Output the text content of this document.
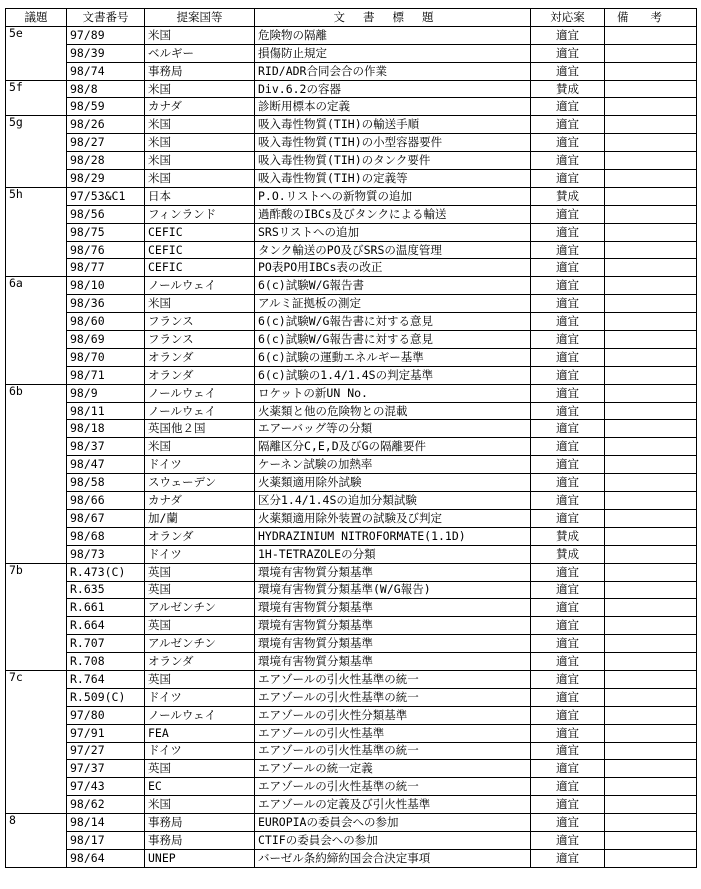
議題	文書番号	提案国等	文書標題	対応案	備考
5e	97/89	米国	危険物の隔離	適宜	
	98/39	ベルギー	損傷防止規定	適宜	
	98/74	事務局	RID/ADR合同会合の作業	適宜	
5f	98/8	米国	Div.6.2の容器	賛成	
	98/59	カナダ	診断用標本の定義	適宜	
5g	98/26	米国	吸入毒性物質(TIH)の輸送手順	適宜	
	98/27	米国	吸入毒性物質(TIH)の小型容器要件	適宜	
	98/28	米国	吸入毒性物質(TIH)のタンク要件	適宜	
	98/29	米国	吸入毒性物質(TIH)の定義等	適宜	
5h	97/53&C1	日本	P.O.リストへの新物質の追加	賛成	
	98/56	フィンランド	過酢酸のIBCs及びタンクによる輸送	適宜	
	98/75	CEFIC	SRSリストへの追加	適宜	
	98/76	CEFIC	タンク輸送のPO及びSRSの温度管理	適宜	
	98/77	CEFIC	PO表PO用IBCs表の改正	適宜	
6a	98/10	ノールウェイ	6(c)試験W/G報告書	適宜	
	98/36	米国	アルミ証拠板の測定	適宜	
	98/60	フランス	6(c)試験W/G報告書に対する意見	適宜	
	98/69	フランス	6(c)試験W/G報告書に対する意見	適宜	
	98/70	オランダ	6(c)試験の運動エネルギー基準	適宜	
	98/71	オランダ	6(c)試験の1.4/1.4Sの判定基準	適宜	
6b	98/9	ノールウェイ	ロケットの新UN No.	適宜	
	98/11	ノールウェイ	火薬類と他の危険物との混載	適宜	
	98/18	英国他２国	エアーバッグ等の分類	適宜	
	98/37	米国	隔離区分C,E,D及びGの隔離要件	適宜	
	98/47	ドイツ	ケーネン試験の加熱率	適宜	
	98/58	スウェーデン	火薬類適用除外試験	適宜	
	98/66	カナダ	区分1.4/1.4Sの追加分類試験	適宜	
	98/67	加/蘭	火薬類適用除外装置の試験及び判定	適宜	
	98/68	オランダ	HYDRAZINIUM NITROFORMATE(1.1D)	賛成	
	98/73	ドイツ	1H-TETRAZOLEの分類	賛成	
7b	R.473(C)	英国	環境有害物質分類基準	適宜	
	R.635	英国	環境有害物質分類基準(W/G報告)	適宜	
	R.661	アルゼンチン	環境有害物質分類基準	適宜	
	R.664	英国	環境有害物質分類基準	適宜	
	R.707	アルゼンチン	環境有害物質分類基準	適宜	
	R.708	オランダ	環境有害物質分類基準	適宜	
7c	R.764	英国	エアゾールの引火性基準の統一	適宜	
	R.509(C)	ドイツ	エアゾールの引火性基準の統一	適宜	
	97/80	ノールウェイ	エアゾールの引火性分類基準	適宜	
	97/91	FEA	エアゾールの引火性基準	適宜	
	97/27	ドイツ	エアゾールの引火性基準の統一	適宜	
	97/37	英国	エアゾールの統一定義	適宜	
	97/43	EC	エアゾールの引火性基準の統一	適宜	
	98/62	米国	エアゾールの定義及び引火性基準	適宜	
8	98/14	事務局	EUROPIAの委員会への参加	適宜	
	98/17	事務局	CTIFの委員会への参加	適宜	
	98/64	UNEP	バーゼル条約締約国会合決定事項	適宜	
